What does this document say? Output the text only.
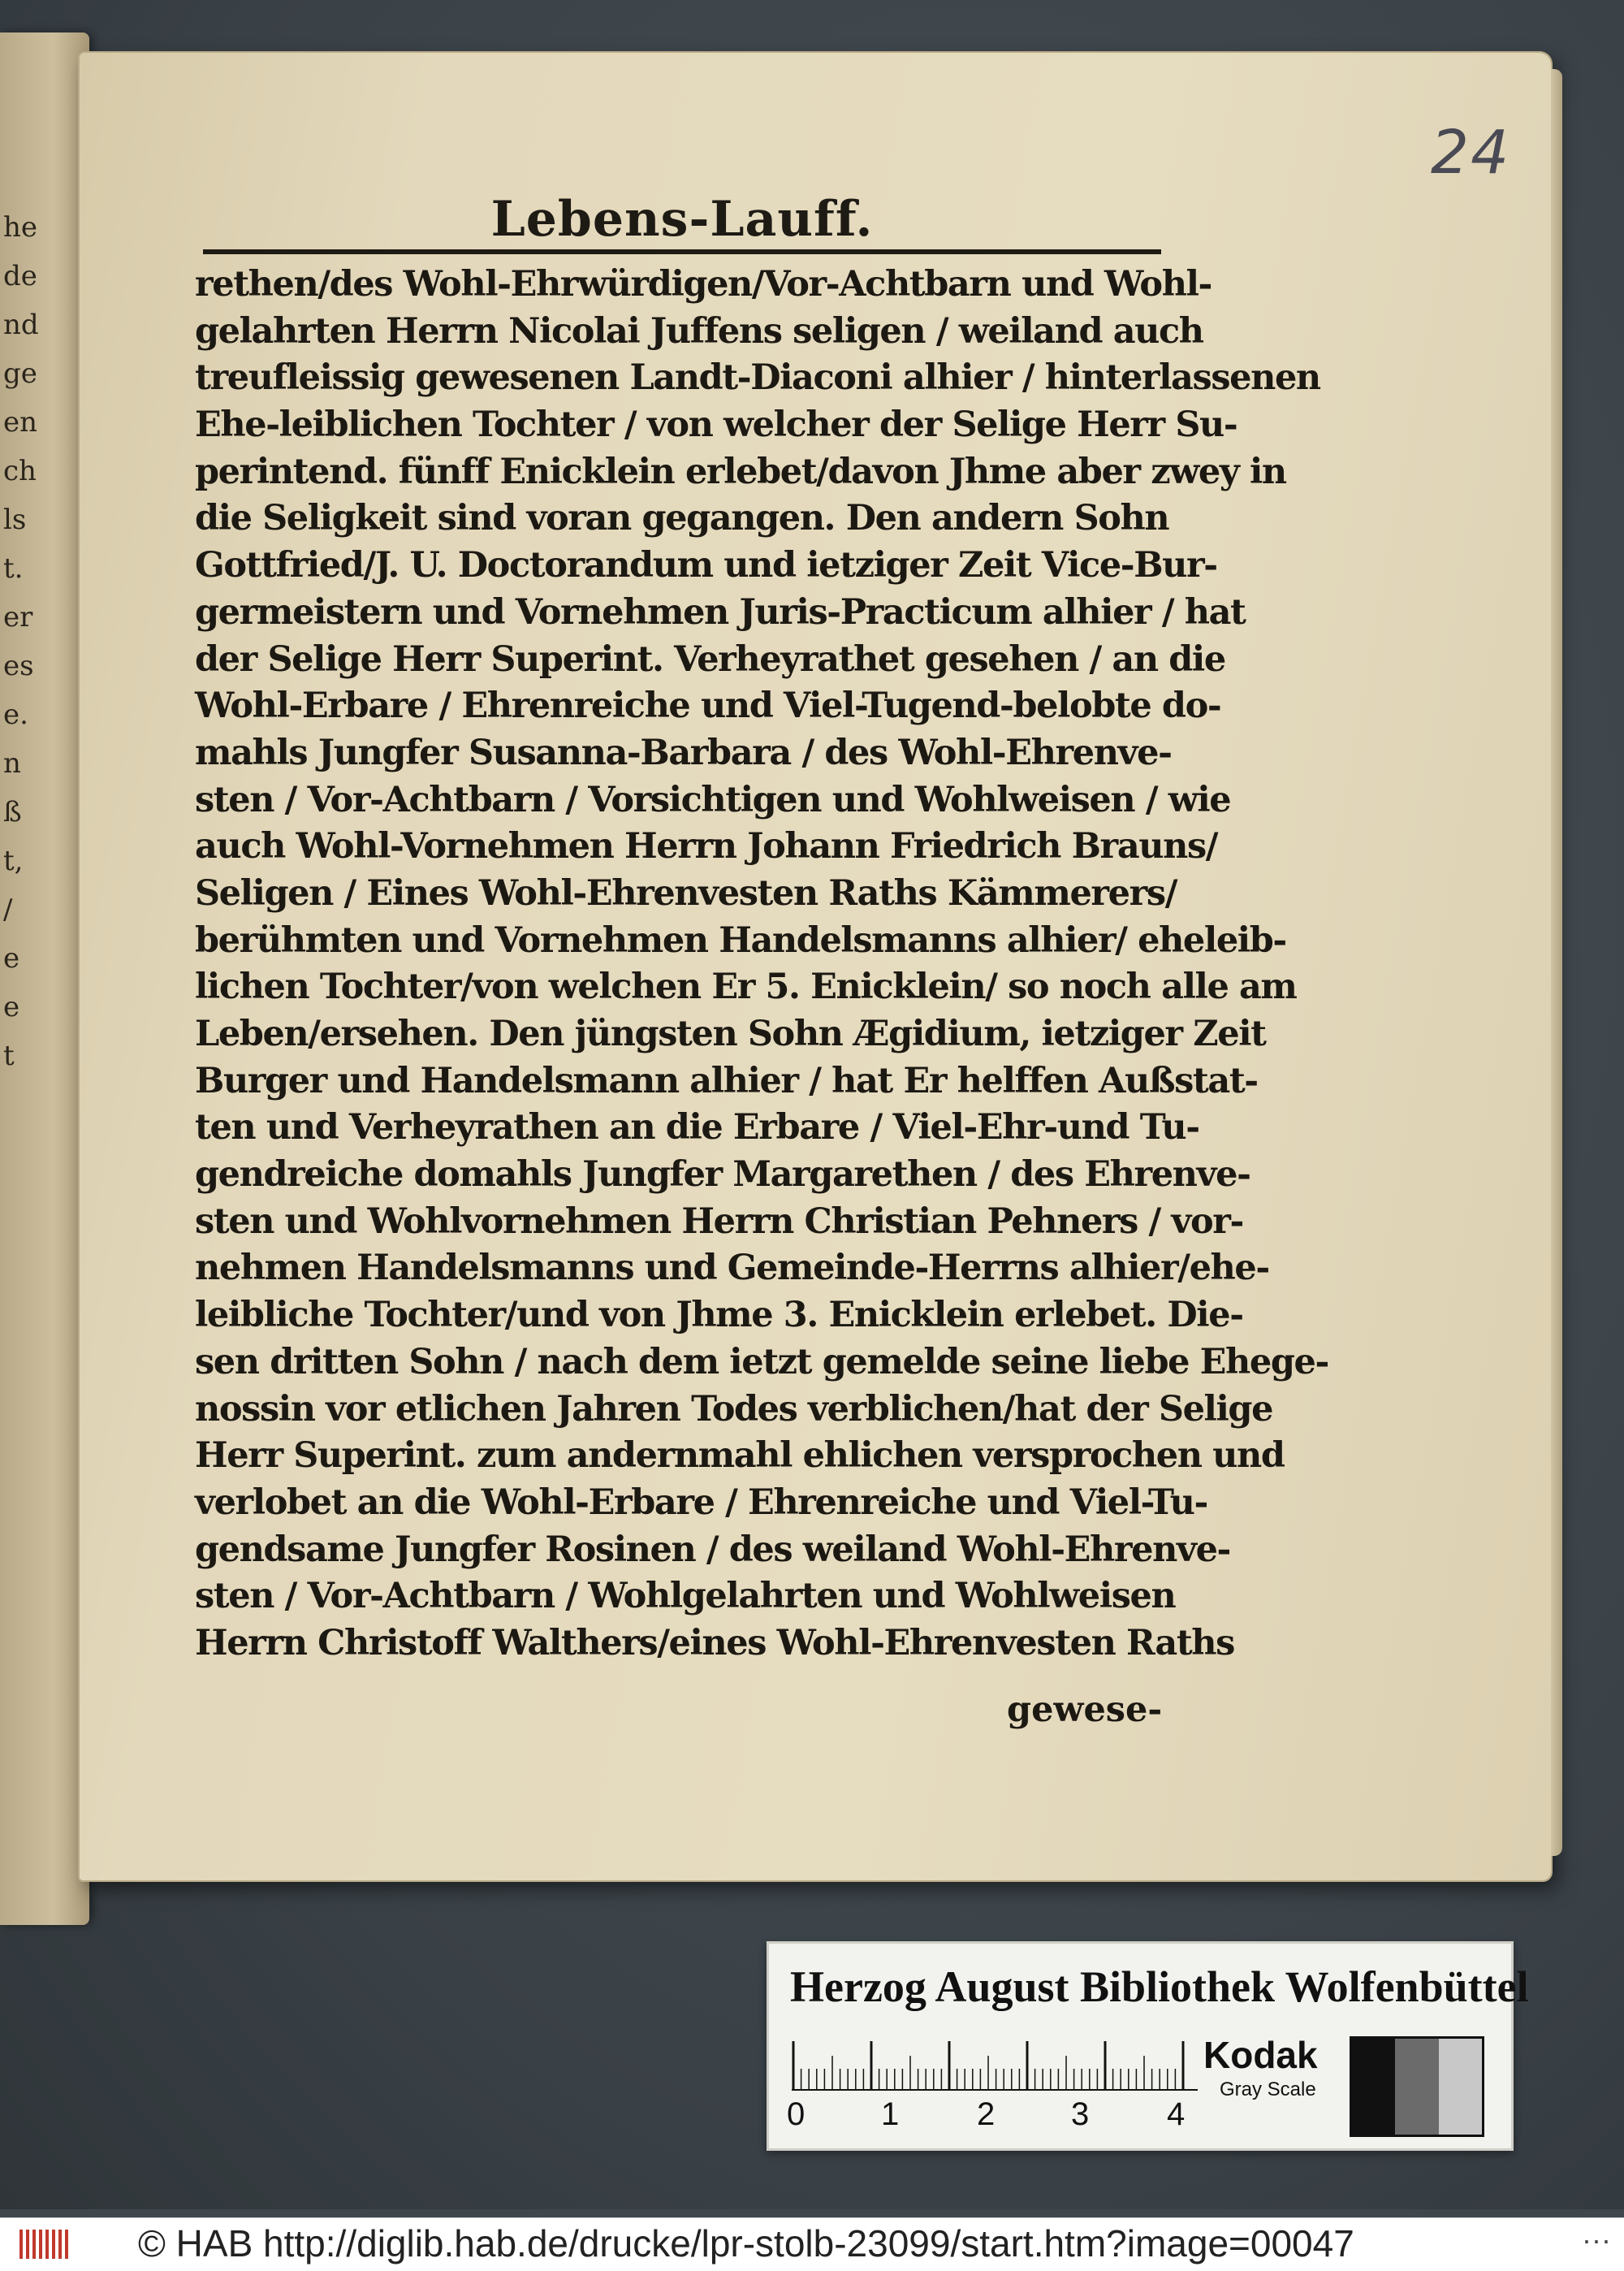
he
de
nd
ge
en
ch
ls
t.
er
es
e.
n
ß
t,
/
e
e
t
24
Lebens-Lauff.
rethen/des Wohl-Ehrwürdigen/Vor-Achtbarn und Wohl-
gelahrten Herrn Nicolai Juffens seligen / weiland auch
treufleissig gewesenen Landt-Diaconi alhier / hinterlassenen
Ehe-leiblichen Tochter / von welcher der Selige Herr Su-
perintend. fünff Enicklein erlebet/davon Jhme aber zwey in
die Seligkeit sind voran gegangen. Den andern Sohn
Gottfried/J. U. Doctorandum und ietziger Zeit Vice-Bur-
germeistern und Vornehmen Juris-Practicum alhier / hat
der Selige Herr Superint. Verheyrathet gesehen / an die
Wohl-Erbare / Ehrenreiche und Viel-Tugend-belobte do-
mahls Jungfer Susanna-Barbara / des Wohl-Ehrenve-
sten / Vor-Achtbarn / Vorsichtigen und Wohlweisen / wie
auch Wohl-Vornehmen Herrn Johann Friedrich Brauns/
Seligen / Eines Wohl-Ehrenvesten Raths Kämmerers/
berühmten und Vornehmen Handelsmanns alhier/ eheleib-
lichen Tochter/von welchen Er 5. Enicklein/ so noch alle am
Leben/ersehen. Den jüngsten Sohn Ægidium, ietziger Zeit
Burger und Handelsmann alhier / hat Er helffen Außstat-
ten und Verheyrathen an die Erbare / Viel-Ehr-und Tu-
gendreiche domahls Jungfer Margarethen / des Ehrenve-
sten und Wohlvornehmen Herrn Christian Pehners / vor-
nehmen Handelsmanns und Gemeinde-Herrns alhier/ehe-
leibliche Tochter/und von Jhme 3. Enicklein erlebet. Die-
sen dritten Sohn / nach dem ietzt gemelde seine liebe Ehege-
nossin vor etlichen Jahren Todes verblichen/hat der Selige
Herr Superint. zum andernmahl ehlichen versprochen und
verlobet an die Wohl-Erbare / Ehrenreiche und Viel-Tu-
gendsame Jungfer Rosinen / des weiland Wohl-Ehrenve-
sten / Vor-Achtbarn / Wohlgelahrten und Wohlweisen
Herrn Christoff Walthers/eines Wohl-Ehrenvesten Raths
gewese-
Herzog August Bibliothek Wolfenbüttel
0 1 2 3 4
Kodak
Gray Scale
© HAB http://diglib.hab.de/drucke/lpr-stolb-23099/start.htm?image=00047	···
